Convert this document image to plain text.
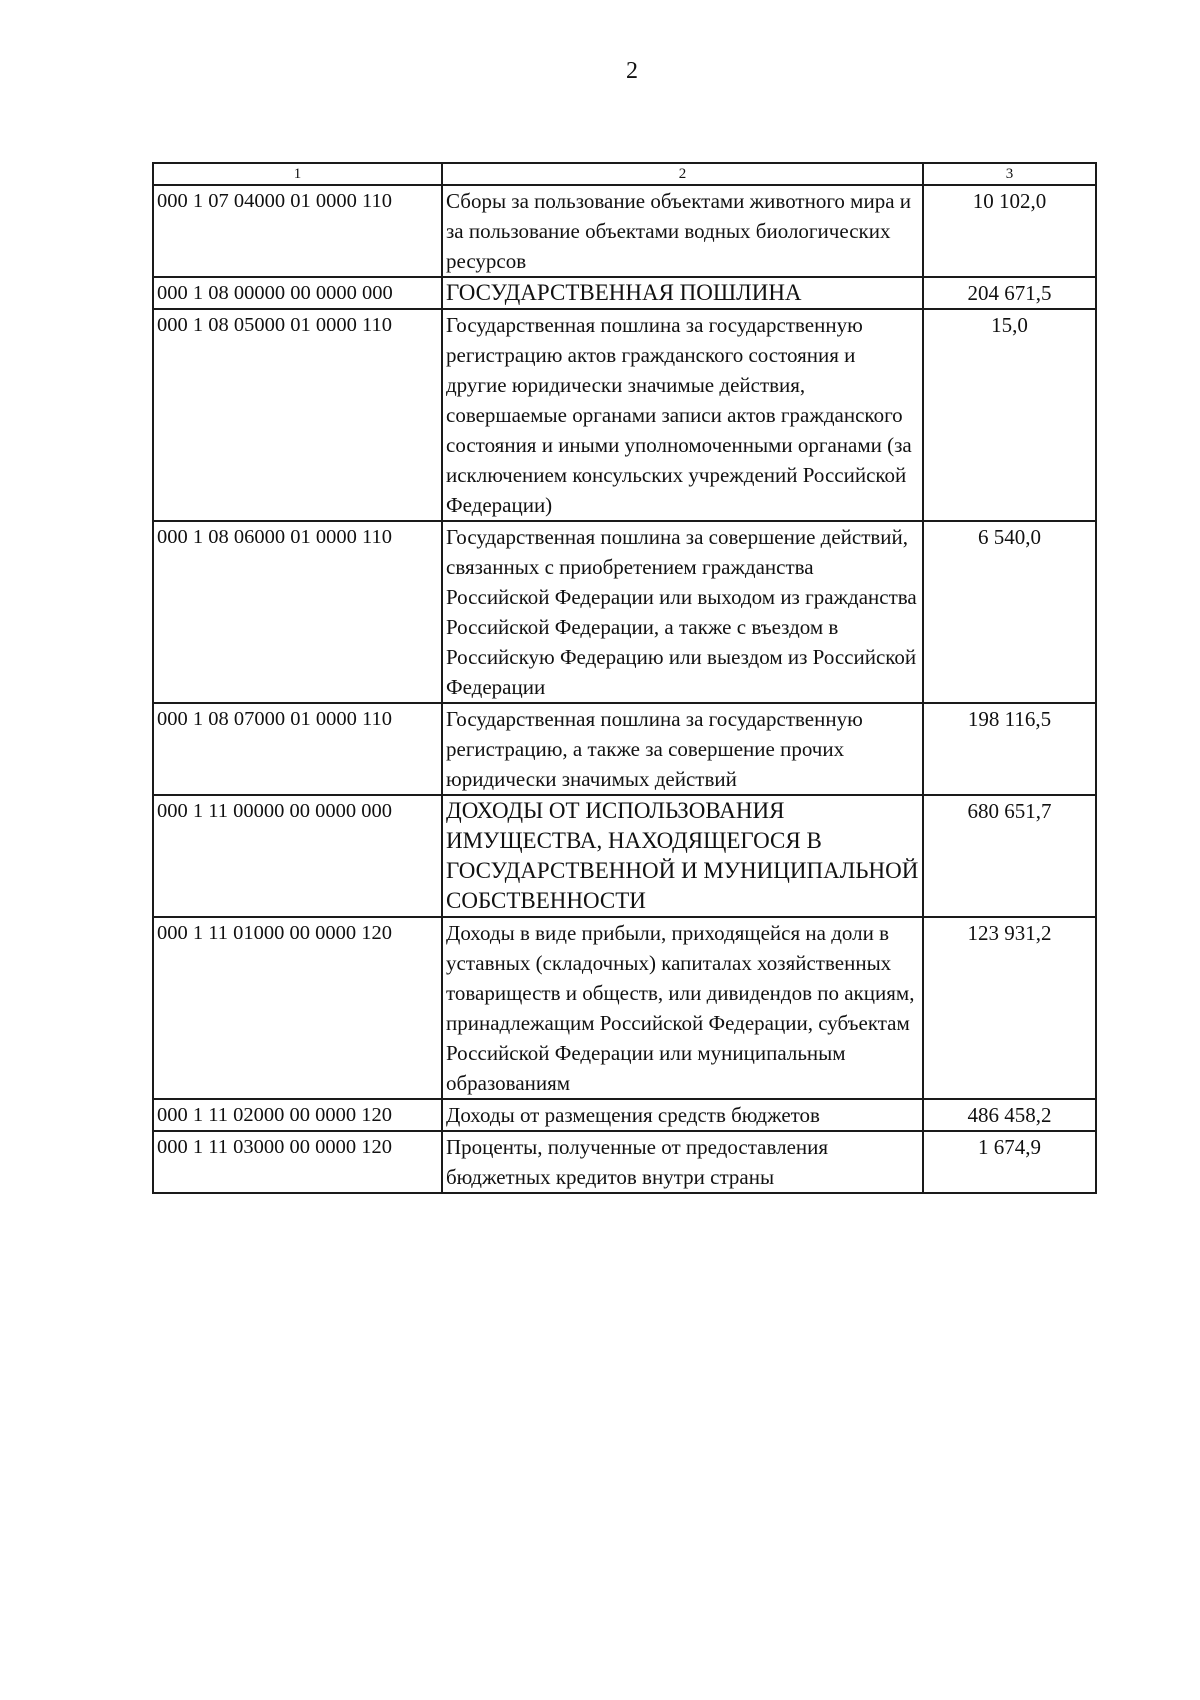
2
1	2	3
000 1 07 04000 01 0000 110	Сборы за пользование объектами животного мира и за пользование объектами водных биологических ресурсов	10 102,0
000 1 08 00000 00 0000 000	ГОСУДАРСТВЕННАЯ ПОШЛИНА	204 671,5
000 1 08 05000 01 0000 110	Государственная пошлина за государственную регистрацию актов гражданского состояния и другие юридически значимые действия, совершаемые органами записи актов гражданского состояния и иными уполномоченными органами (за исключением консульских учреждений Российской Федерации)	15,0
000 1 08 06000 01 0000 110	Государственная пошлина за совершение действий, связанных с приобретением гражданства Российской Федерации или выходом из гражданства Российской Федерации, а также с въездом в Российскую Федерацию или выездом из Российской Федерации	6 540,0
000 1 08 07000 01 0000 110	Государственная пошлина за государственную регистрацию, а также за совершение прочих юридически значимых действий	198 116,5
000 1 11 00000 00 0000 000	ДОХОДЫ ОТ ИСПОЛЬЗОВАНИЯ ИМУЩЕСТВА, НАХОДЯЩЕГОСЯ В ГОСУДАРСТВЕННОЙ И МУНИЦИПАЛЬНОЙ СОБСТВЕННОСТИ	680 651,7
000 1 11 01000 00 0000 120	Доходы в виде прибыли, приходящейся на доли в уставных (складочных) капиталах хозяйственных товариществ и обществ, или дивидендов по акциям, принадлежащим Российской Федерации, субъектам Российской Федерации или муниципальным образованиям	123 931,2
000 1 11 02000 00 0000 120	Доходы от размещения средств бюджетов	486 458,2
000 1 11 03000 00 0000 120	Проценты, полученные от предоставления бюджетных кредитов внутри страны	1 674,9
